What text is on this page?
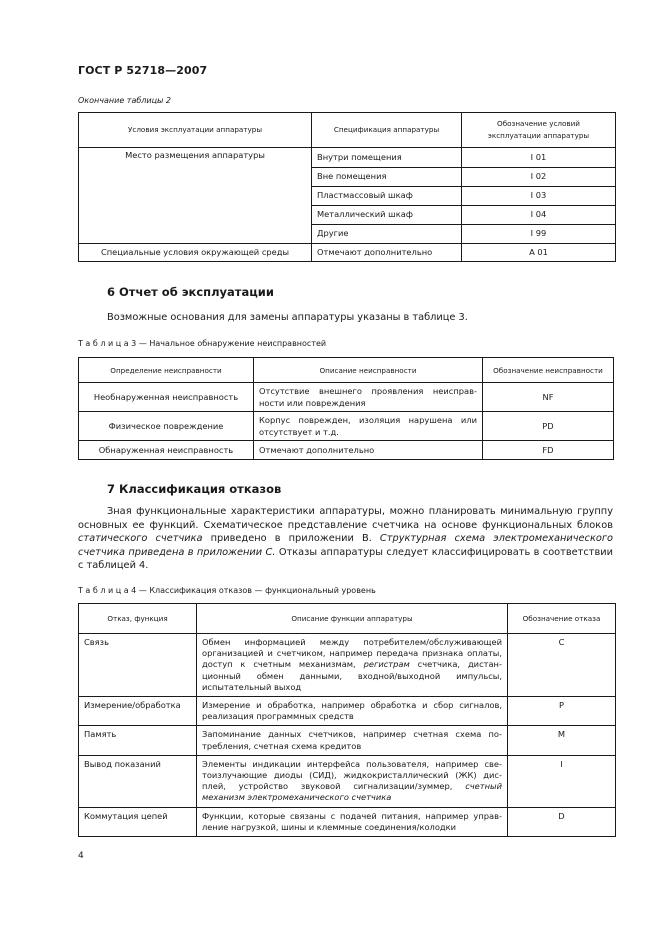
ГОСТ Р 52718—2007
Окончание таблицы 2
Условия эксплуатации аппаратуры	Спецификация аппаратуры	Обозначение условий эксплуатации аппаратуры
Место размещения аппаратуры	Внутри помещения	I 01
	Вне помещения	I 02
	Пластмассовый шкаф	I 03
	Металлический шкаф	I 04
	Другие	I 99
Специальные условия окружающей среды	Отмечают дополнительно	А 01
6 Отчет об эксплуатации
Возможные основания для замены аппаратуры указаны в таблице 3.
Т а б л и ц а 3 — Начальное обнаружение неисправностей
Определение неисправности	Описание неисправности	Обозначение неисправности
Необнаруженная неисправность	Отсутствие внешнего проявления неисправности или повреждения	NF
Физическое повреждение	Корпус поврежден, изоляция нарушена или отсутствует и т.д.	PD
Обнаруженная неисправность	Отмечают дополнительно	FD
7 Классификация отказов
Зная функциональные характеристики аппаратуры, можно планировать минимальную группу основных ее функций. Схематическое представление счетчика на основе функциональных блоков статического счетчика приведено в приложении В. Структурная схема электромеханического счетчика приведена в приложении С. Отказы аппаратуры следует классифицировать в соответствии с таблицей 4.
Т а б л и ц а 4 — Классификация отказов — функциональный уровень
Отказ, функция	Описание функции аппаратуры	Обозначение отказа
Связь	Обмен информацией между потребителем/обслуживающей организацией и счетчиком, например передача признака оплаты, доступ к счетным механизмам, регистрам счетчика, дистанционный обмен данными, входной/выходной импульсы, испытательный выход	С
Измерение/обработка	Измерение и обработка, например обработка и сбор сигналов, реализация программных средств	Р
Память	Запоминание данных счетчиков, например счетная схема потребления, счетная схема кредитов	М
Вывод показаний	Элементы индикации интерфейса пользователя, например светоизлучающие диоды (СИД), жидкокристаллический (ЖК) дисплей, устройство звуковой сигнализации/зуммер, счетный механизм электромеханического счетчика	I
Коммутация цепей	Функции, которые связаны с подачей питания, например управление нагрузкой, шины и клеммные соединения/колодки	D
4
